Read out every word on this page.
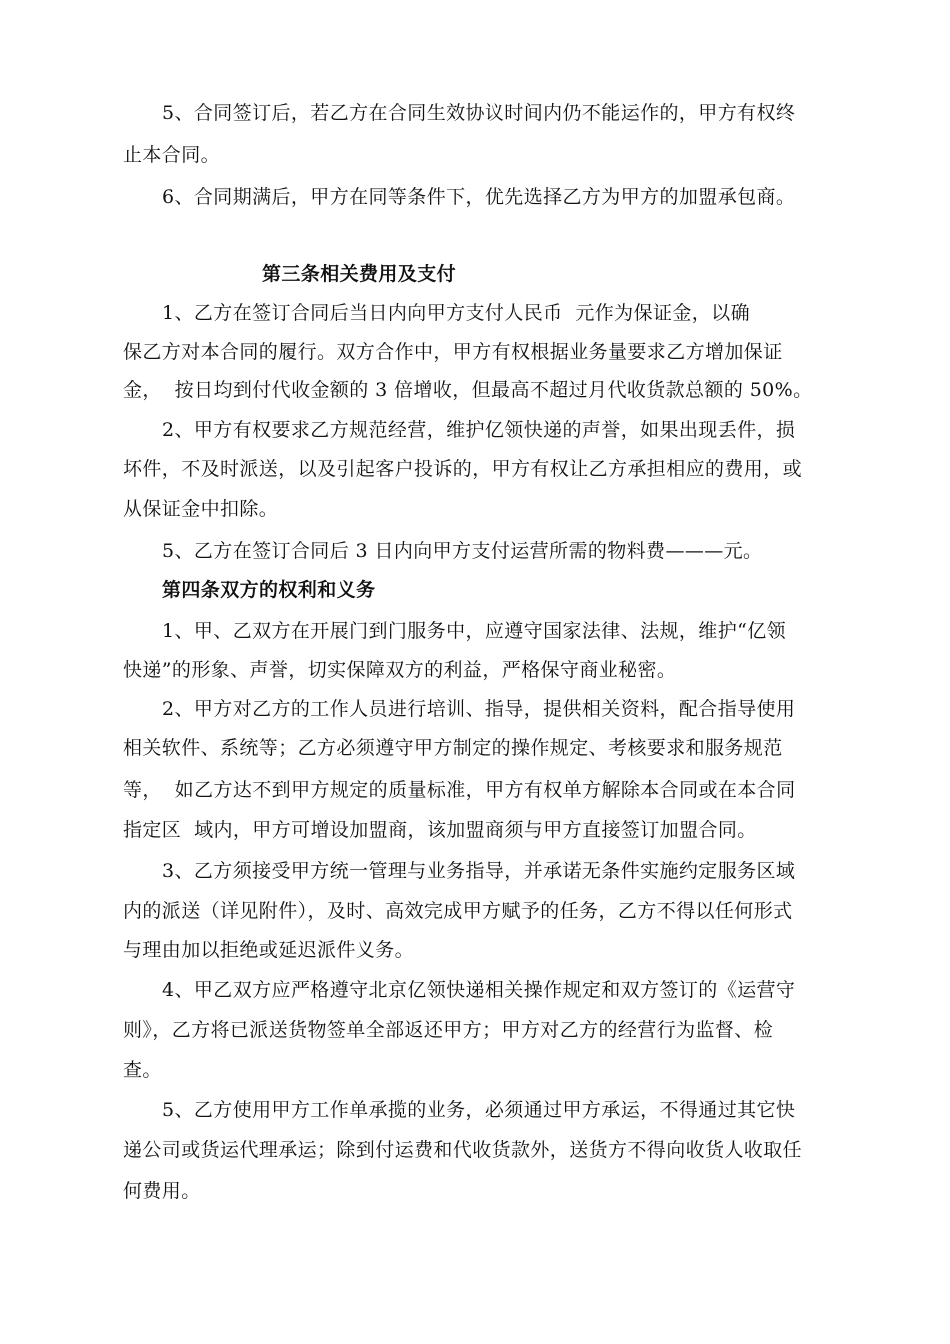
5、合同签订后，若乙方在合同生效协议时间内仍不能运作的，甲方有权终
止本合同。
6、合同期满后，甲方在同等条件下，优先选择乙方为甲方的加盟承包商。
第三条相关费用及支付
1、乙方在签订合同后当日内向甲方支付人民币  元作为保证金，以确
保乙方对本合同的履行。双方合作中，甲方有权根据业务量要求乙方增加保证
金，  按日均到付代收金额的 3 倍增收，但最高不超过月代收货款总额的 50%。
2、甲方有权要求乙方规范经营，维护亿领快递的声誉，如果出现丢件，损
坏件，不及时派送，以及引起客户投诉的，甲方有权让乙方承担相应的费用，或
从保证金中扣除。
5、乙方在签订合同后 3 日内向甲方支付运营所需的物料费———元。
第四条双方的权利和义务
1、甲、乙双方在开展门到门服务中，应遵守国家法律、法规，维护“亿领
快递”的形象、声誉，切实保障双方的利益，严格保守商业秘密。
2、甲方对乙方的工作人员进行培训、指导，提供相关资料，配合指导使用
相关软件、系统等；乙方必须遵守甲方制定的操作规定、考核要求和服务规范
等，  如乙方达不到甲方规定的质量标准，甲方有权单方解除本合同或在本合同
指定区  域内，甲方可增设加盟商，该加盟商须与甲方直接签订加盟合同。
3、乙方须接受甲方统一管理与业务指导，并承诺无条件实施约定服务区域
内的派送（详见附件），及时、高效完成甲方赋予的任务，乙方不得以任何形式
与理由加以拒绝或延迟派件义务。
4、甲乙双方应严格遵守北京亿领快递相关操作规定和双方签订的《运营守
则》，乙方将已派送货物签单全部返还甲方；甲方对乙方的经营行为监督、检
查。
5、乙方使用甲方工作单承揽的业务，必须通过甲方承运，不得通过其它快
递公司或货运代理承运；除到付运费和代收货款外，送货方不得向收货人收取任
何费用。
